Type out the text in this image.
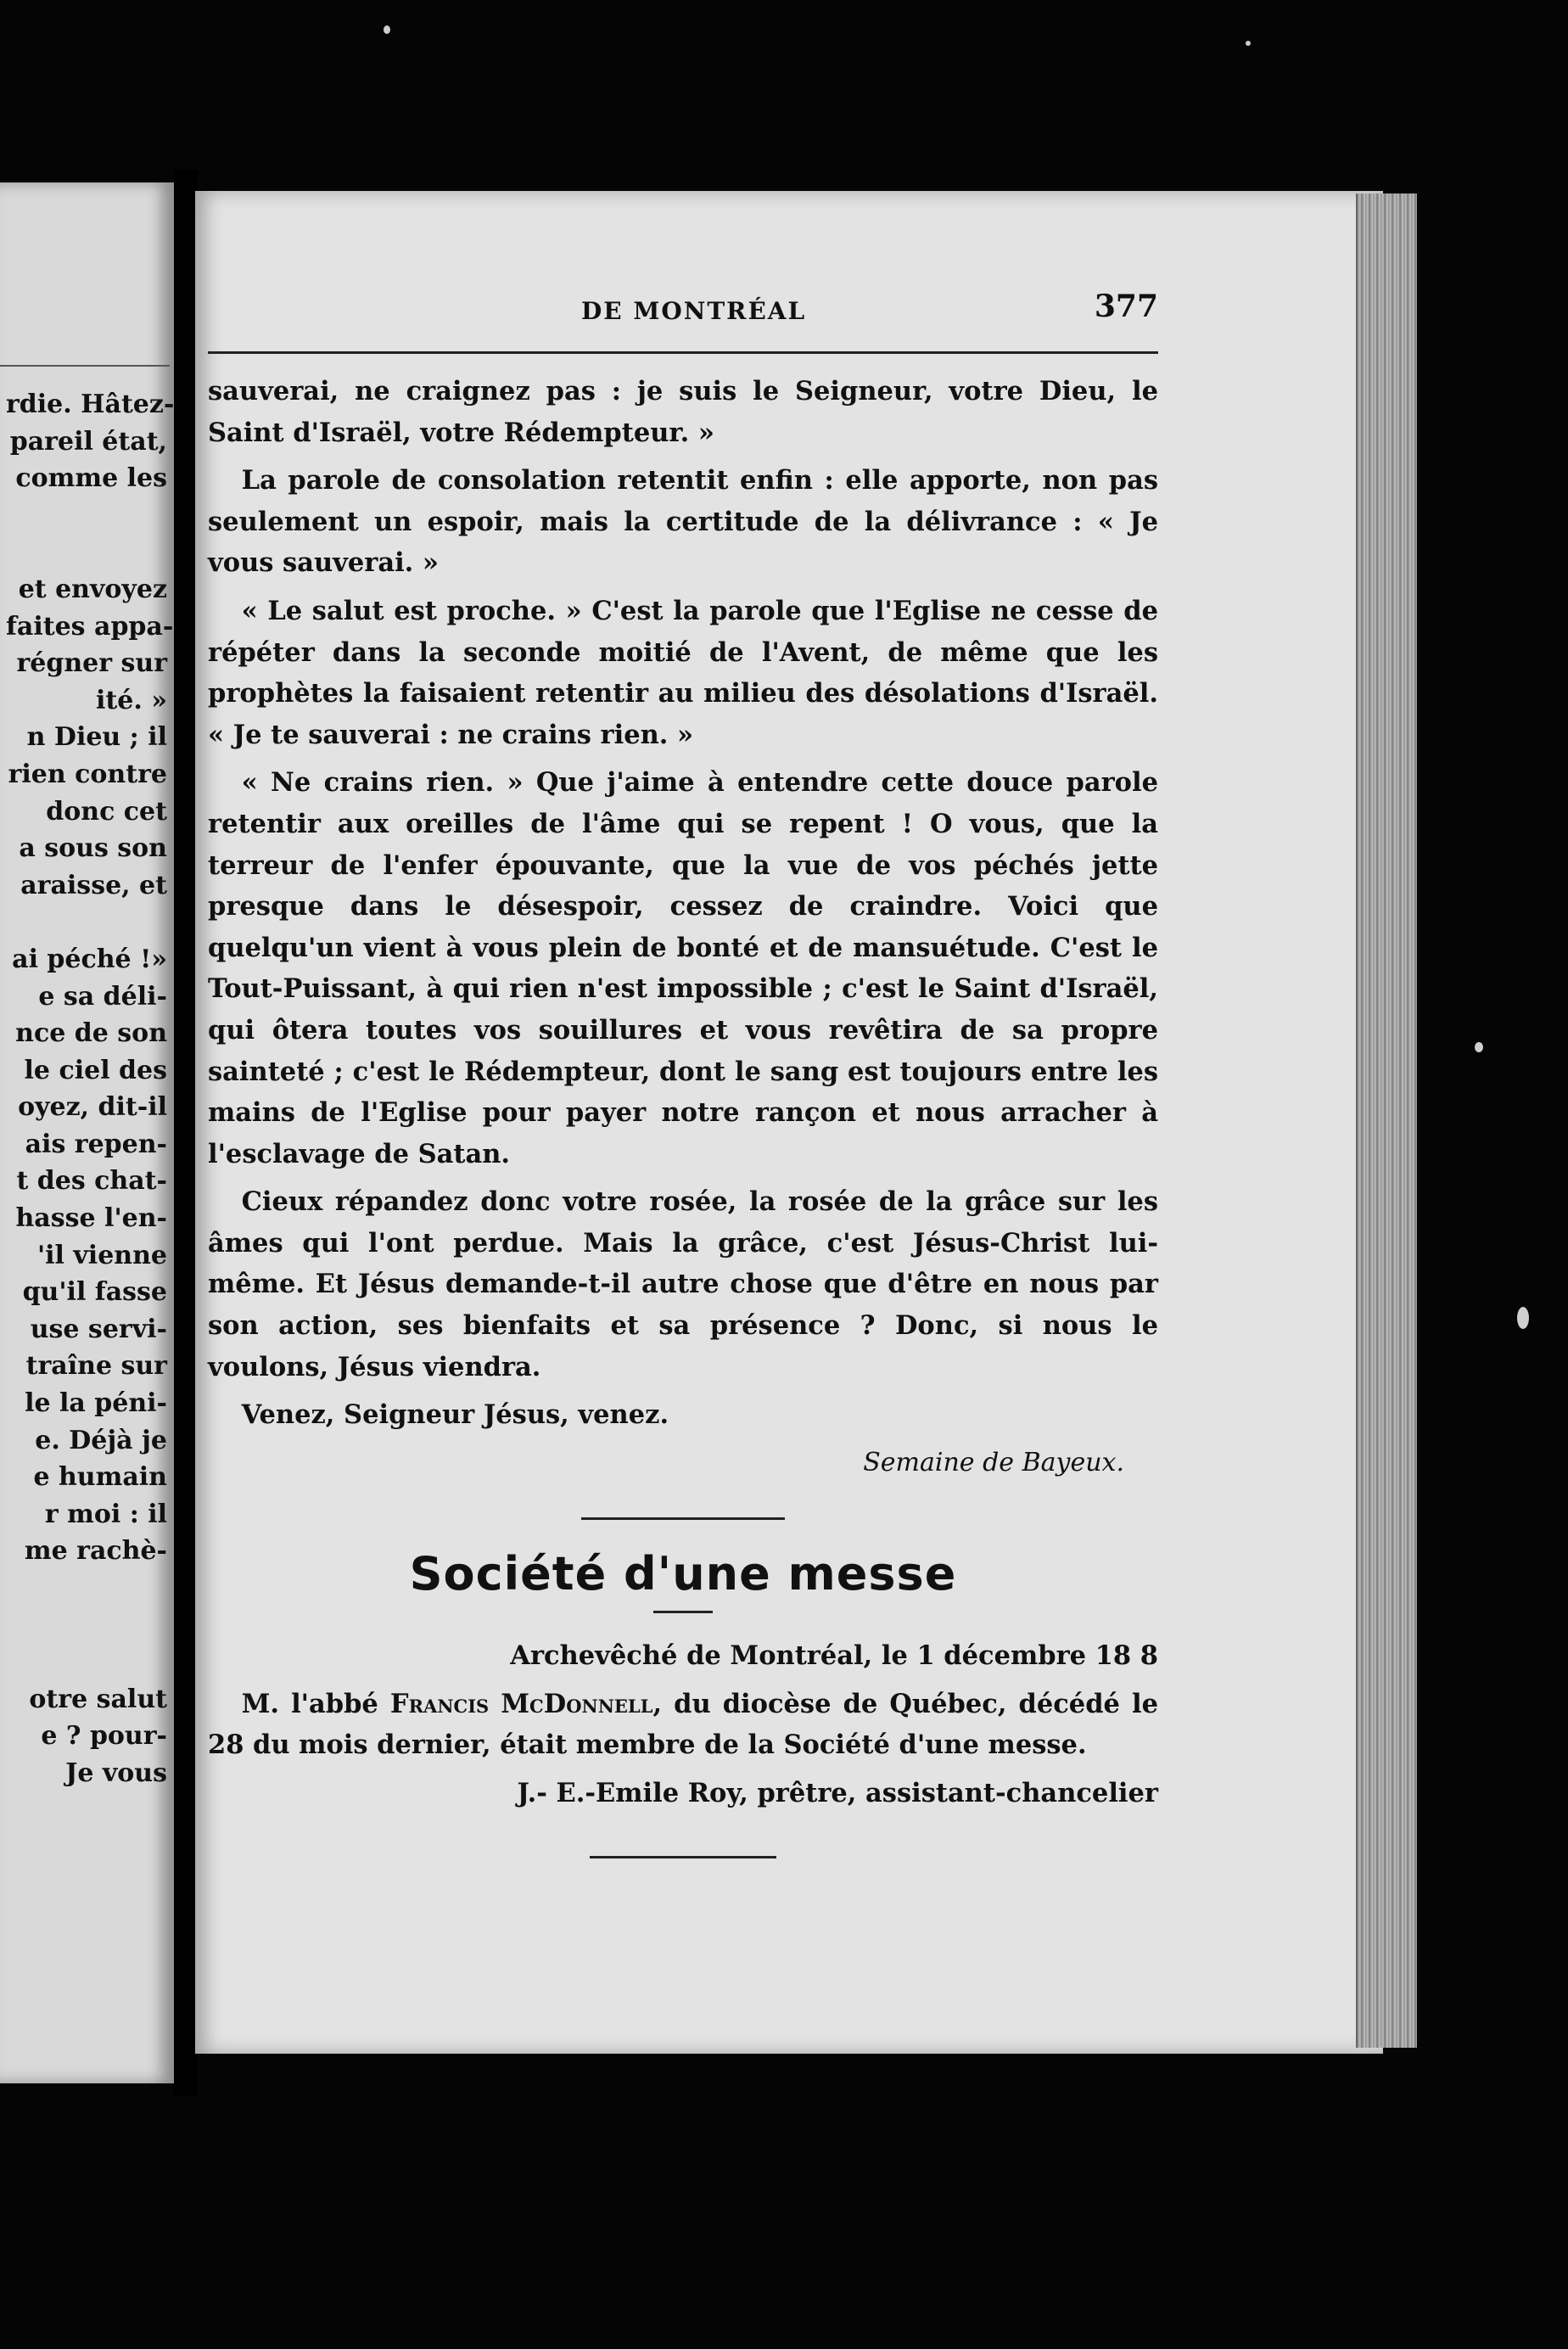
rdie. Hâtez-
pareil état,
comme les
et envoyez
faites appa-
régner sur
ité. »
n Dieu ; il
rien contre
donc cet
a sous son
araisse, et
ai péché !»
e sa déli-
nce de son
le ciel des
oyez, dit-il
ais repen-
t des chat-
hasse l'en-
'il vienne
qu'il fasse
use servi-
traîne sur
le la péni-
e. Déjà je
e humain
r moi : il
me rachè-
otre salut
e ? pour-
Je vous
DE MONTRÉAL	377

sauverai, ne craignez pas : je suis le Seigneur, votre Dieu, le Saint d'Israël, votre Rédempteur. »

La parole de consolation retentit enfin : elle apporte, non pas seulement un espoir, mais la certitude de la délivrance : « Je vous sauverai. »

« Le salut est proche. » C'est la parole que l'Eglise ne cesse de répéter dans la seconde moitié de l'Avent, de même que les prophètes la faisaient retentir au milieu des désolations d'Israël. « Je te sauverai : ne crains rien. »

« Ne crains rien. » Que j'aime à entendre cette douce parole retentir aux oreilles de l'âme qui se repent ! O vous, que la terreur de l'enfer épouvante, que la vue de vos péchés jette presque dans le désespoir, cessez de craindre. Voici que quelqu'un vient à vous plein de bonté et de mansuétude. C'est le Tout-Puissant, à qui rien n'est impossible ; c'est le Saint d'Israël, qui ôtera toutes vos souillures et vous revêtira de sa propre sainteté ; c'est le Rédempteur, dont le sang est toujours entre les mains de l'Eglise pour payer notre rançon et nous arracher à l'esclavage de Satan.

Cieux répandez donc votre rosée, la rosée de la grâce sur les âmes qui l'ont perdue. Mais la grâce, c'est Jésus-Christ lui-même. Et Jésus demande-t-il autre chose que d'être en nous par son action, ses bienfaits et sa présence ? Donc, si nous le voulons, Jésus viendra.

Venez, Seigneur Jésus, venez.

Semaine de Bayeux.
Société d'une messe
Archevêché de Montréal, le 1 décembre 18 8

M. l'abbé Francis McDonnell, du diocèse de Québec, décédé le 28 du mois dernier, était membre de la Société d'une messe.

J.- E.-Emile Roy, prêtre, assistant-chancelier
